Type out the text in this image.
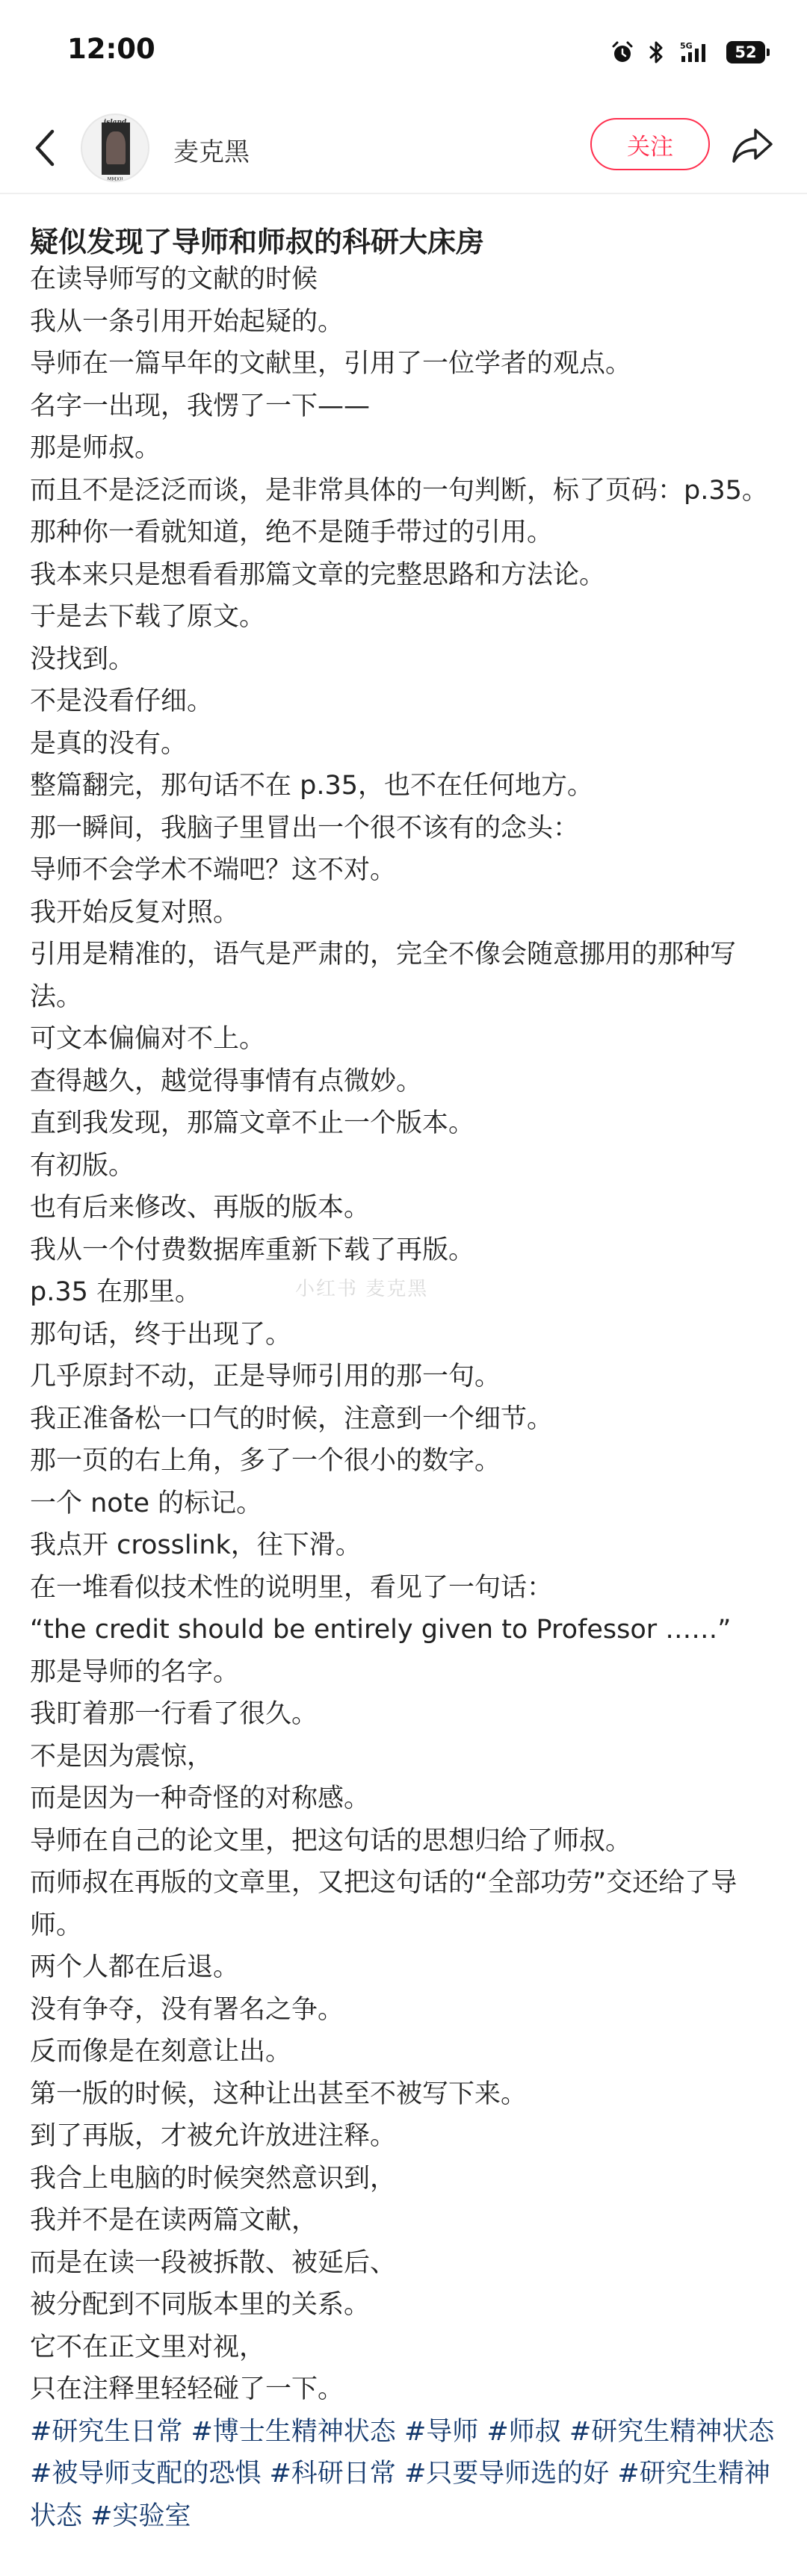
12:00	5G	52
MMXII
麦克黑	关注
疑似发现了导师和师叔的科研大床房

在读导师写的文献的时候

我从一条引用开始起疑的。

导师在一篇早年的文献里，引用了一位学者的观点。

名字一出现，我愣了一下——

那是师叔。

而且不是泛泛而谈，是非常具体的一句判断，标了页码：p.35。

那种你一看就知道，绝不是随手带过的引用。

我本来只是想看看那篇文章的完整思路和方法论。

于是去下载了原文。

没找到。

不是没看仔细。

是真的没有。

整篇翻完，那句话不在 p.35，也不在任何地方。

那一瞬间，我脑子里冒出一个很不该有的念头：

导师不会学术不端吧？这不对。

我开始反复对照。

引用是精准的，语气是严肃的，完全不像会随意挪用的那种写法。

可文本偏偏对不上。

查得越久，越觉得事情有点微妙。

直到我发现，那篇文章不止一个版本。

有初版。

也有后来修改、再版的版本。

我从一个付费数据库重新下载了再版。

p.35 在那里。

那句话，终于出现了。

几乎原封不动，正是导师引用的那一句。

我正准备松一口气的时候，注意到一个细节。

那一页的右上角，多了一个很小的数字。

一个 note 的标记。

我点开 crosslink，往下滑。

在一堆看似技术性的说明里，看见了一句话：

“the credit should be entirely given to Professor ……”

那是导师的名字。

我盯着那一行看了很久。

不是因为震惊，

而是因为一种奇怪的对称感。

导师在自己的论文里，把这句话的思想归给了师叔。

而师叔在再版的文章里，又把这句话的“全部功劳”交还给了导师。

两个人都在后退。

没有争夺，没有署名之争。

反而像是在刻意让出。

第一版的时候，这种让出甚至不被写下来。

到了再版，才被允许放进注释。

我合上电脑的时候突然意识到，

我并不是在读两篇文献，

而是在读一段被拆散、被延后、

被分配到不同版本里的关系。

它不在正文里对视，

只在注释里轻轻碰了一下。

#研究生日常 #博士生精神状态 #导师 #师叔 #研究生精神状态 #被导师支配的恐惧 #科研日常 #只要导师选的好 #研究生精神状态 #实验室

小红书 麦克黑
